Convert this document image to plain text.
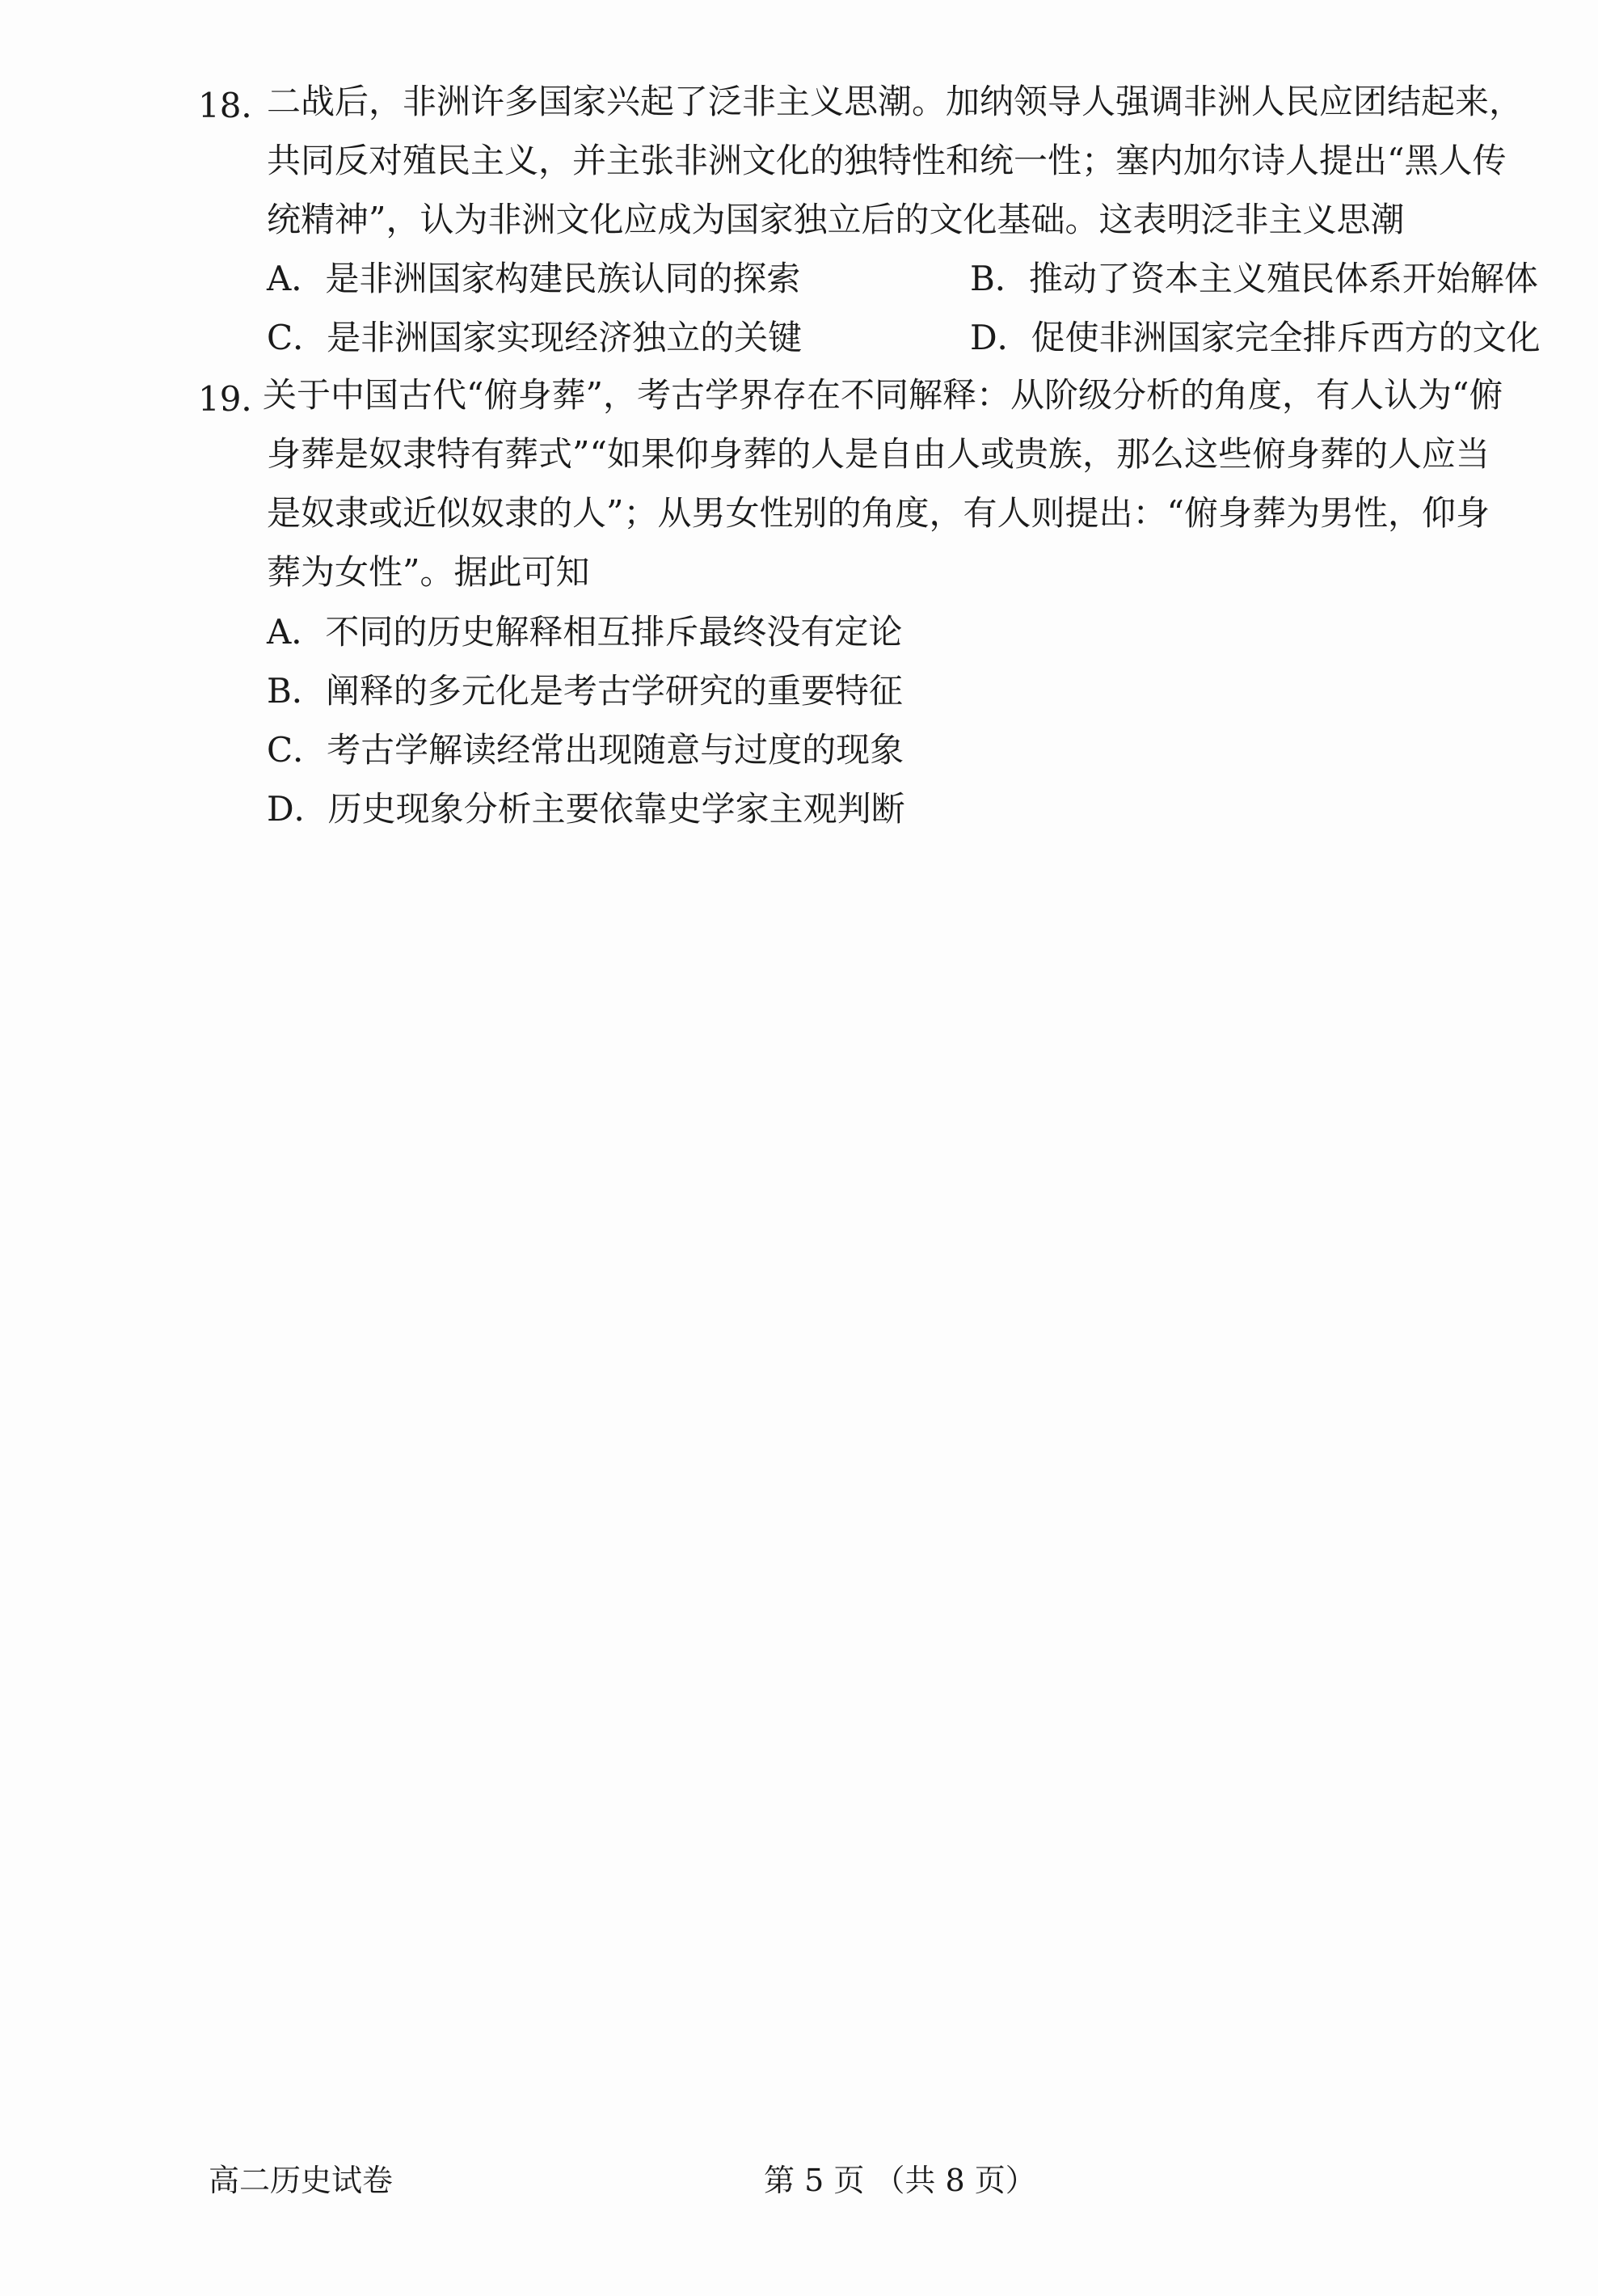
18．
二战后，非洲许多国家兴起了泛非主义思潮。加纳领导人强调非洲人民应团结起来，
共同反对殖民主义，并主张非洲文化的独特性和统一性；塞内加尔诗人提出“黑人传
统精神”，认为非洲文化应成为国家独立后的文化基础。这表明泛非主义思潮
A．是非洲国家构建民族认同的探索	B．推动了资本主义殖民体系开始解体
C．是非洲国家实现经济独立的关键	D．促使非洲国家完全排斥西方的文化
19．
关于中国古代“俯身葬”，考古学界存在不同解释：从阶级分析的角度，有人认为“俯
身葬是奴隶特有葬式”“如果仰身葬的人是自由人或贵族，那么这些俯身葬的人应当
是奴隶或近似奴隶的人”；从男女性别的角度，有人则提出：“俯身葬为男性，仰身
葬为女性”。据此可知
A．不同的历史解释相互排斥最终没有定论
B．阐释的多元化是考古学研究的重要特征
C．考古学解读经常出现随意与过度的现象
D．历史现象分析主要依靠史学家主观判断
高二历史试卷	第 5 页 （共 8 页）
